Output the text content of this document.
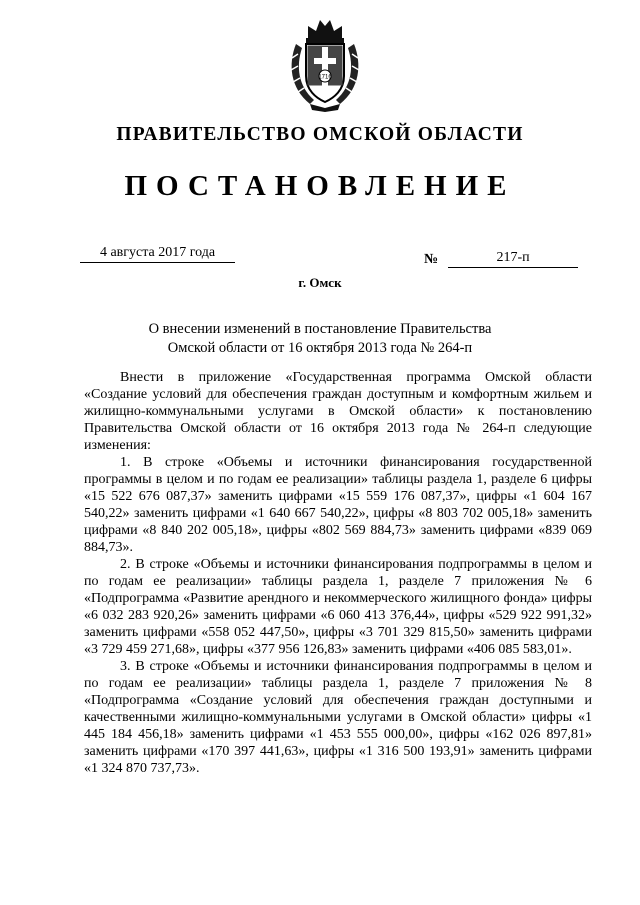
1716
ПРАВИТЕЛЬСТВО ОМСКОЙ ОБЛАСТИ
ПОСТАНОВЛЕНИЕ
4 августа 2017 года	№	217-п
г. Омск
О внесении изменений в постановление Правительства
Омской области от 16 октября 2013 года № 264-п

Внести в приложение «Государственная программа Омской области «Создание условий для обеспечения граждан доступным и комфортным жильем и жилищно-коммунальными услугами в Омской области» к постановлению Правительства Омской области от 16 октября 2013 года № 264-п следующие изменения:

1. В строке «Объемы и источники финансирования государственной программы в целом и по годам ее реализации» таблицы раздела 1, разделе 6 цифры «15 522 676 087,37» заменить цифрами «15 559 176 087,37», цифры «1 604 167 540,22» заменить цифрами «1 640 667 540,22», цифры «8 803 702 005,18» заменить цифрами «8 840 202 005,18», цифры «802 569 884,73» заменить цифрами «839 069 884,73».

2. В строке «Объемы и источники финансирования подпрограммы в целом и по годам ее реализации» таблицы раздела 1, разделе 7 приложения № 6 «Подпрограмма «Развитие арендного и некоммерческого жилищного фонда» цифры «6 032 283 920,26» заменить цифрами «6 060 413 376,44», цифры «529 922 991,32» заменить цифрами «558 052 447,50», цифры «3 701 329 815,50» заменить цифрами «3 729 459 271,68», цифры «377 956 126,83» заменить цифрами «406 085 583,01».

3. В строке «Объемы и источники финансирования подпрограммы в целом и по годам ее реализации» таблицы раздела 1, разделе 7 приложения № 8 «Подпрограмма «Создание условий для обеспечения граждан доступными и качественными жилищно-коммунальными услугами в Омской области» цифры «1 445 184 456,18» заменить цифрами «1 453 555 000,00», цифры «162 026 897,81» заменить цифрами «170 397 441,63», цифры «1 316 500 193,91» заменить цифрами «1 324 870 737,73».
